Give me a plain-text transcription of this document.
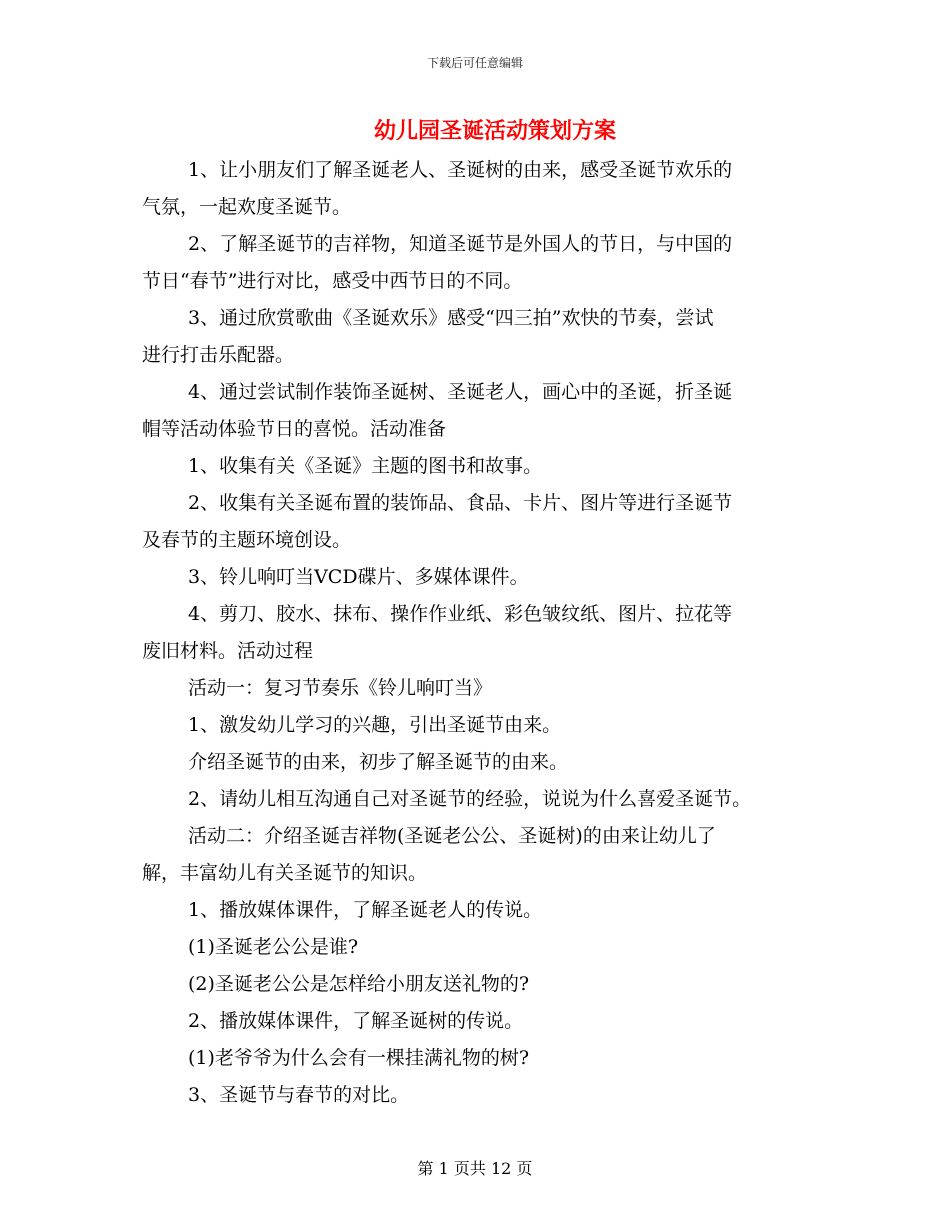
下载后可任意编辑
幼儿园圣诞活动策划方案

1、让小朋友们了解圣诞老人、圣诞树的由来，感受圣诞节欢乐的

气氛，一起欢度圣诞节。

2、了解圣诞节的吉祥物，知道圣诞节是外国人的节日，与中国的

节日“春节”进行对比，感受中西节日的不同。

3、通过欣赏歌曲《圣诞欢乐》感受“四三拍”欢快的节奏，尝试

进行打击乐配器。

4、通过尝试制作装饰圣诞树、圣诞老人，画心中的圣诞，折圣诞

帽等活动体验节日的喜悦。活动准备

1、收集有关《圣诞》主题的图书和故事。

2、收集有关圣诞布置的装饰品、食品、卡片、图片等进行圣诞节

及春节的主题环境创设。

3、铃儿响叮当VCD碟片、多媒体课件。

4、剪刀、胶水、抹布、操作作业纸、彩色皱纹纸、图片、拉花等

废旧材料。活动过程

活动一：复习节奏乐《铃儿响叮当》

1、激发幼儿学习的兴趣，引出圣诞节由来。

介绍圣诞节的由来，初步了解圣诞节的由来。

2、请幼儿相互沟通自己对圣诞节的经验，说说为什么喜爱圣诞节。

活动二：介绍圣诞吉祥物(圣诞老公公、圣诞树)的由来让幼儿了

解，丰富幼儿有关圣诞节的知识。

1、播放媒体课件，了解圣诞老人的传说。

(1)圣诞老公公是谁?

(2)圣诞老公公是怎样给小朋友送礼物的?

2、播放媒体课件，了解圣诞树的传说。

(1)老爷爷为什么会有一棵挂满礼物的树?

3、圣诞节与春节的对比。

第 1 页共 12 页
